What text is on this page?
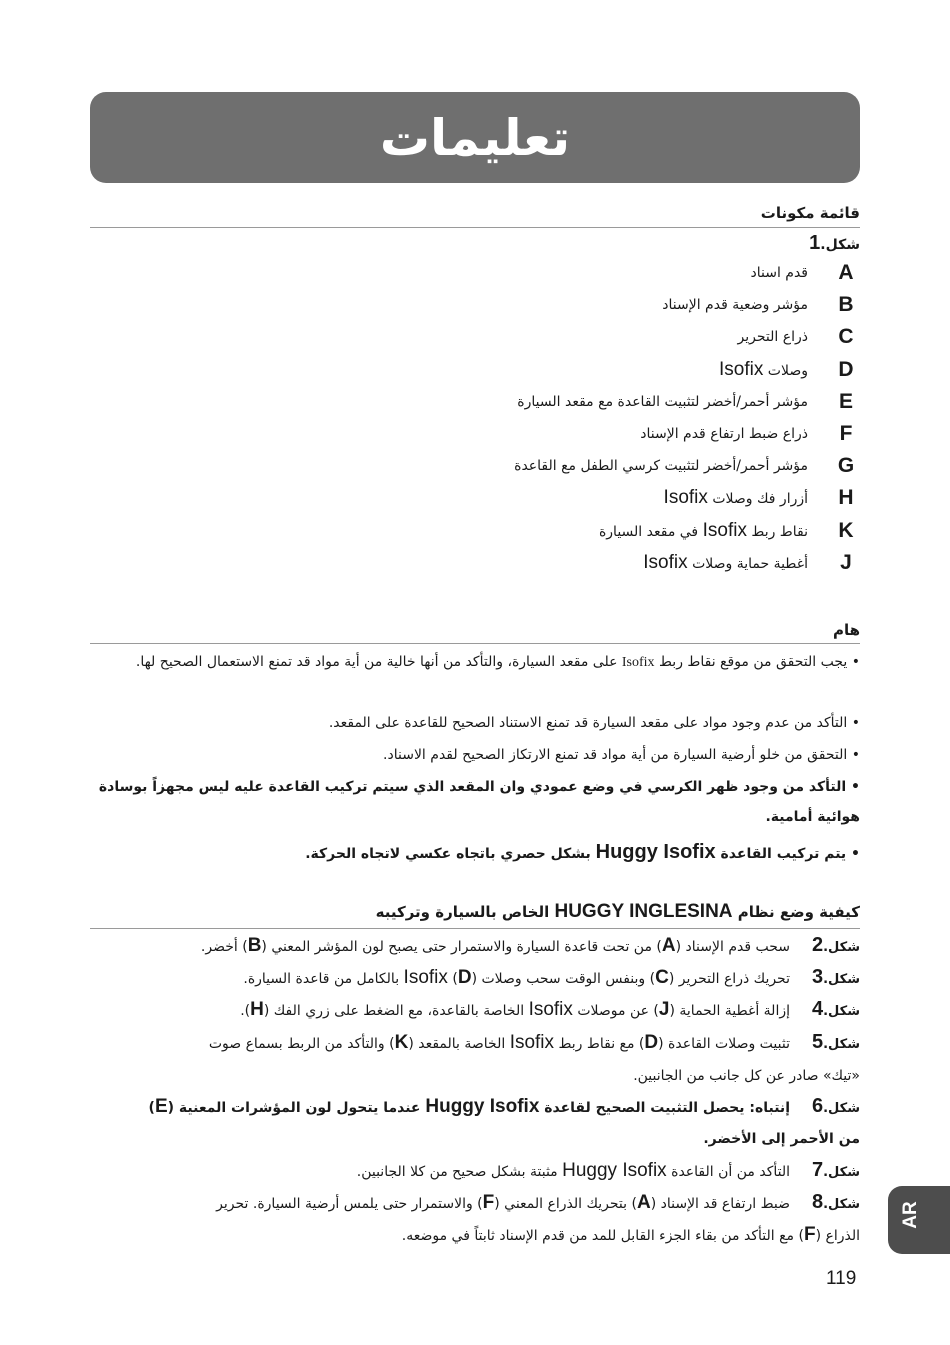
تعليمات
قائمة مكونات
شكل.1
A
قدم اسناد
B
مؤشر وضعية قدم الإسناد
C
ذراع التحرير
D
وصلات Isofix
E
مؤشر أحمر/أخضر لتثبيت القاعدة مع مقعد السيارة
F
ذراع ضبط ارتفاع قدم الإسناد
G
مؤشر أحمر/أخضر لتثبيت كرسي الطفل مع القاعدة
H
أزرار فك وصلات Isofix
K
نقاط ربط Isofix في مقعد السيارة
J
أغطية حماية وصلات Isofix
هام
• يجب التحقق من موقع نقاط ربط Isofix على مقعد السيارة، والتأكد من أنها خالية من أية مواد قد تمنع الاستعمال الصحيح لها.
• التأكد من عدم وجود مواد على مقعد السيارة قد تمنع الاستناد الصحيح للقاعدة على المقعد.
• التحقق من خلو أرضية السيارة من أية مواد قد تمنع الارتكاز الصحيح لقدم الاسناد.
• التأكد من وجود ظهر الكرسي في وضع عمودي وان المقعد الذي سيتم تركيب القاعدة عليه ليس مجهزاً بوسادة هوائية أمامية.
• يتم تركيب القاعدة Huggy Isofix بشكل حصري باتجاه عكسي لاتجاه الحركة.
كيفية وضع نظام HUGGY INGLESINA الخاص بالسيارة وتركيبه
شكل.2
سحب قدم الإسناد (A) من تحت قاعدة السيارة والاستمرار حتى يصبح لون المؤشر المعني (B) أخضر.
شكل.3
تحريك ذراع التحرير (C) وبنفس الوقت سحب وصلات Isofix (D) بالكامل من قاعدة السيارة.
شكل.4
إزالة أغطية الحماية (J) عن موصلات Isofix الخاصة بالقاعدة، مع الضغط على زري الفك (H).
شكل.5
تثبيت وصلات القاعدة (D) مع نقاط ربط Isofix الخاصة بالمقعد (K) والتأكد من الربط بسماع صوت
«تيك» صادر عن كل جانب من الجانبين.
شكل.6
إنتباه: يحصل التثبيت الصحيح لقاعدة Huggy Isofix عندما يتحول لون المؤشرات المعنية (E)
من الأحمر إلى الأخضر.
شكل.7
التأكد من أن القاعدة Huggy Isofix مثبتة بشكل صحيح من كلا الجانبين.
شكل.8
ضبط ارتفاع قد الإسناد (A) بتحريك الذراع المعني (F) والاستمرار حتى يلمس أرضية السيارة. تحرير
الذراع (F) مع التأكد من بقاء الجزء القابل للمد من قدم الإسناد ثابتاً في موضعه.
AR
119
